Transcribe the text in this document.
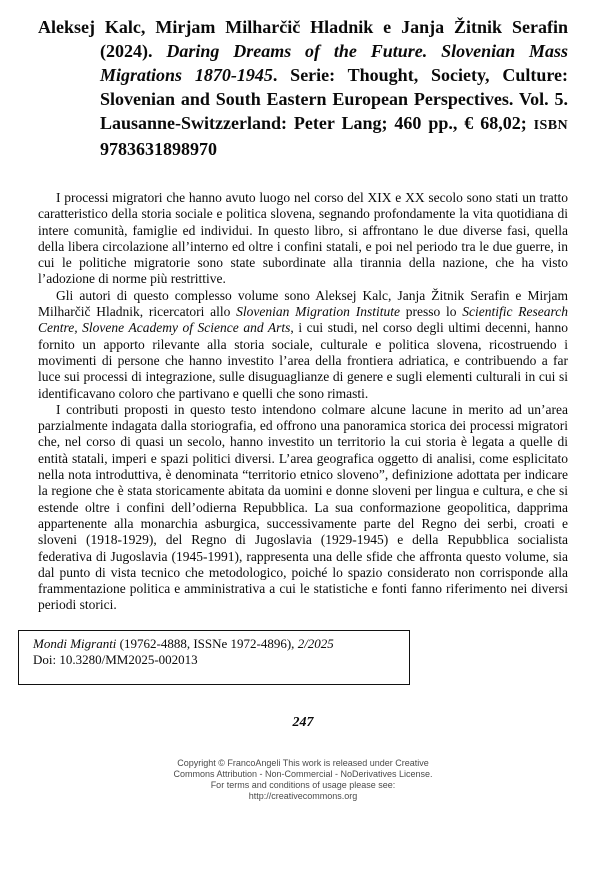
Aleksej Kalc, Mirjam Milharčič Hladnik e Janja Žitnik Serafin (2024). Daring Dreams of the Future. Slovenian Mass Migrations 1870-1945. Serie: Thought, Society, Culture: Slovenian and South Eastern European Perspectives. Vol. 5. Lausanne-Switzzerland: Peter Lang; 460 pp., € 68,02; ISBN 9783631898970

I processi migratori che hanno avuto luogo nel corso del XIX e XX secolo sono stati un tratto caratteristico della storia sociale e politica slovena, segnando profondamente la vita quotidiana di intere comunità, famiglie ed individui. In questo libro, si affrontano le due diverse fasi, quella della libera circolazione all’interno ed oltre i confini statali, e poi nel periodo tra le due guerre, in cui le politiche migratorie sono state subordinate alla tirannia della nazione, che ha visto l’adozione di norme più restrittive.

Gli autori di questo complesso volume sono Aleksej Kalc, Janja Žitnik Serafin e Mirjam Milharčič Hladnik, ricercatori allo Slovenian Migration Institute presso lo Scientific Research Centre, Slovene Academy of Science and Arts, i cui studi, nel corso degli ultimi decenni, hanno fornito un apporto rilevante alla storia sociale, culturale e politica slovena, ricostruendo i movimenti di persone che hanno investito l’area della frontiera adriatica, e contribuendo a far luce sui processi di integrazione, sulle disuguaglianze di genere e sugli elementi culturali in cui si identificavano coloro che partivano e quelli che sono rimasti.

I contributi proposti in questo testo intendono colmare alcune lacune in merito ad un’area parzialmente indagata dalla storiografia, ed offrono una panoramica storica dei processi migratori che, nel corso di quasi un secolo, hanno investito un territorio la cui storia è legata a quelle di entità statali, imperi e spazi politici diversi. L’area geografica oggetto di analisi, come esplicitato nella nota introduttiva, è denominata “territorio etnico sloveno”, definizione adottata per indicare la regione che è stata storicamente abitata da uomini e donne sloveni per lingua e cultura, e che si estende oltre i confini dell’odierna Repubblica. La sua conformazione geopolitica, dapprima appartenente alla monarchia asburgica, successivamente parte del Regno dei serbi, croati e sloveni (1918-1929), del Regno di Jugoslavia (1929-1945) e della Repubblica socialista federativa di Jugoslavia (1945-1991), rappresenta una delle sfide che affronta questo volume, sia dal punto di vista tecnico che metodologico, poiché lo spazio considerato non corrisponde alla frammentazione politica e amministrativa a cui le statistiche e fonti fanno riferimento nei diversi periodi storici.

Mondi Migranti (19762-4888, ISSNe 1972-4896), 2/2025
Doi: 10.3280/MM2025-002013
247
Copyright © FrancoAngeli This work is released under Creative
Commons Attribution - Non-Commercial - NoDerivatives License.
For terms and conditions of usage please see:
http://creativecommons.org
